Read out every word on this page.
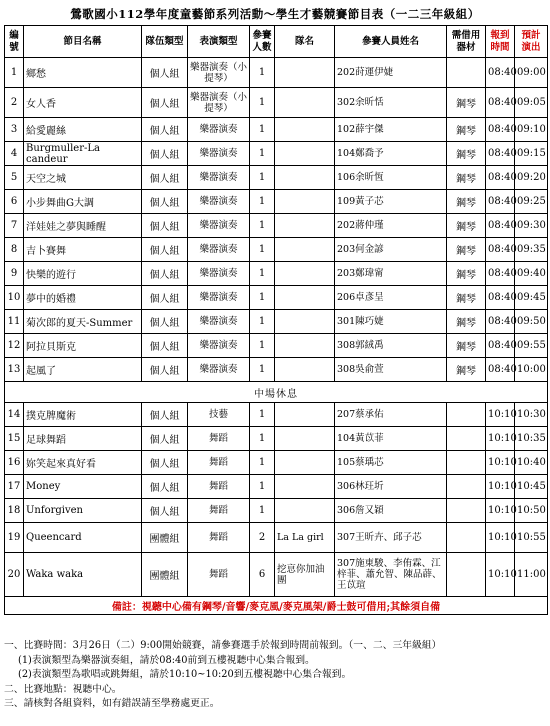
鶯歌國小112學年度童藝節系列活動～學生才藝競賽節目表（一二三年級組）
編號	節目名稱	隊伍類型	表演類型	參賽人數	隊名	參賽人員姓名	需借用器材	報到時間	預計演出
1	鄉愁	個人組	樂器演奏（小提琴）	1		202莳運伊婕		08:40	09:00
2	女人香	個人組	樂器演奏（小提琴）	1		302余昕恬	鋼琴	08:40	09:05
3	給愛麗絲	個人組	樂器演奏	1		102薛宇傑	鋼琴	08:40	09:10
4	Burgmuller-La candeur	個人組	樂器演奏	1		104鄭喬予	鋼琴	08:40	09:15
5	天空之城	個人組	樂器演奏	1		106余昕恆	鋼琴	08:40	09:20
6	小步舞曲G大調	個人組	樂器演奏	1		109黃子芯	鋼琴	08:40	09:25
7	洋娃娃之夢與睡醒	個人組	樂器演奏	1		202蔣仲瑾	鋼琴	08:40	09:30
8	吉卜賽舞	個人組	樂器演奏	1		203何金諺	鋼琴	08:40	09:35
9	快樂的遊行	個人組	樂器演奏	1		203鄭瑋甯	鋼琴	08:40	09:40
10	夢中的婚禮	個人組	樂器演奏	1		206卓彥呈	鋼琴	08:40	09:45
11	菊次郎的夏天-Summer	個人組	樂器演奏	1		301陳巧婕	鋼琴	08:40	09:50
12	阿拉貝斯克	個人組	樂器演奏	1		308郭絨禹	鋼琴	08:40	09:55
13	起風了	個人組	樂器演奏	1		308吳俞萱	鋼琴	08:40	10:00
中場休息									
14	撲克牌魔術	個人組	技藝	1		207蔡承佑		10:10	10:30
15	足球舞蹈	個人組	舞蹈	1		104黃苡菲		10:10	10:35
16	妳笑起來真好看	個人組	舞蹈	1		105蔡瑀芯		10:10	10:40
17	Money	個人組	舞蹈	1		306林玨圻		10:10	10:45
18	Unforgiven	個人組	舞蹈	1		306詹又穎		10:10	10:50
19	Queencard	團體組	舞蹈	2	La La girl	307王昕卉、邱子芯		10:10	10:55
20	Waka waka	團體組	舞蹈	6	挖恴你加油團	307施東駿、李侑霖、江梓菲、蕭允智、陳品薜、王苡瑄		10:10	11:00
備註：視聽中心備有鋼琴/音響/麥克風/麥克風架/爵士鼓可借用;其餘須自備									
一、比賽時間：3月26日（二）9:00開始競賽，請參賽選手於報到時間前報到。（一、二、三年級組）
(1)表演類型為樂器演奏組，請於08:40前到五樓視聽中心集合報到。
(2)表演類型為歌唱或跳舞組，請於10:10~10:20到五樓視聽中心集合報到。
二、比賽地點：視聽中心。
三、請核對各組資料，如有錯誤請至學務處更正。
